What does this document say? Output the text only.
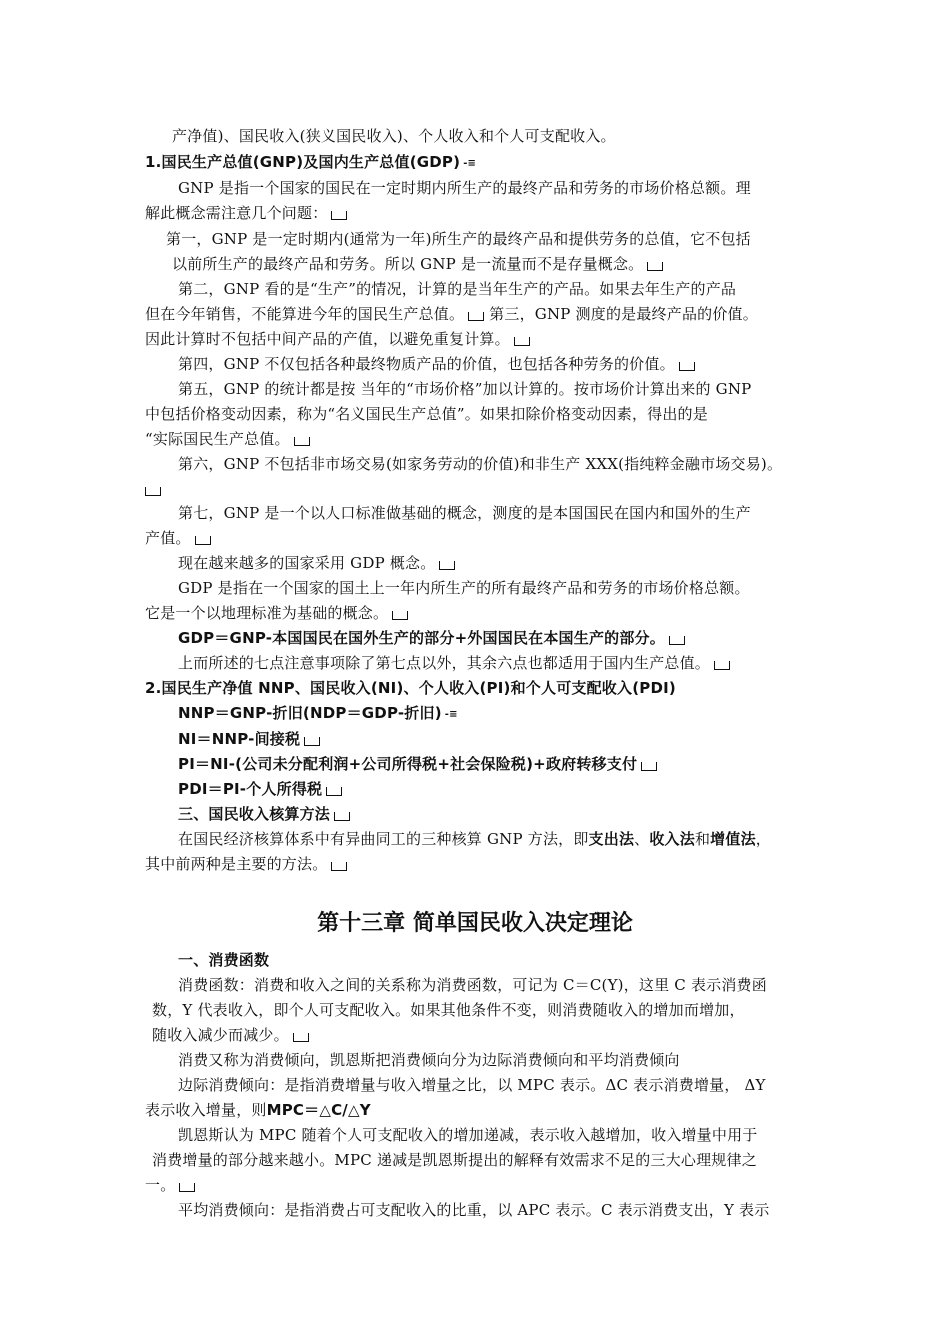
产净值)、国民收入(狭义国民收入)、个人收入和个人可支配收入。
1.国民生产总值(GNP)及国内生产总值(GDP) -≡
GNP 是指一个国家的国民在一定时期内所生产的最终产品和劳务的市场价格总额。理
解此概念需注意几个问题：
第一，GNP 是一定时期内(通常为一年)所生产的最终产品和提供劳务的总值，它不包括
以前所生产的最终产品和劳务。所以 GNP 是一流量而不是存量概念。
第二，GNP 看的是“生产”的情况，计算的是当年生产的产品。如果去年生产的产品
但在今年销售，不能算进今年的国民生产总值。 第三，GNP 测度的是最终产品的价值。
因此计算时不包括中间产品的产值，以避免重复计算。
第四，GNP 不仅包括各种最终物质产品的价值，也包括各种劳务的价值。
第五，GNP 的统计都是按 当年的“市场价格”加以计算的。按市场价计算出来的 GNP
中包括价格变动因素，称为“名义国民生产总值”。如果扣除价格变动因素，得出的是
“实际国民生产总值。
第六，GNP 不包括非市场交易(如家务劳动的价值)和非生产 XXX(指纯粹金融市场交易)。
第七，GNP 是一个以人口标准做基础的概念，测度的是本国国民在国内和国外的生产
产值。
现在越来越多的国家采用 GDP 概念。
GDP 是指在一个国家的国土上一年内所生产的所有最终产品和劳务的市场价格总额。
它是一个以地理标准为基础的概念。
GDP＝GNP-本国国民在国外生产的部分+外国国民在本国生产的部分。
上而所述的七点注意事项除了第七点以外，其余六点也都适用于国内生产总值。
2.国民生产净值 NNP、国民收入(NI)、个人收入(PI)和个人可支配收入(PDI)
NNP＝GNP-折旧(NDP＝GDP-折旧) -≡
NI＝NNP-间接税
PI＝NI-(公司未分配利润+公司所得税+社会保险税)+政府转移支付
PDI＝PI-个人所得税
三、国民收入核算方法
在国民经济核算体系中有异曲同工的三种核算 GNP 方法，即支出法、收入法和增值法，
其中前两种是主要的方法。
第十三章 简单国民收入决定理论
一、消费函数
消费函数：消费和收入之间的关系称为消费函数，可记为 C＝C(Y)，这里 C 表示消费函
数，Y 代表收入，即个人可支配收入。如果其他条件不变，则消费随收入的增加而增加，
随收入减少而减少。
消费又称为消费倾向，凯恩斯把消费倾向分为边际消费倾向和平均消费倾向
边际消费倾向：是指消费增量与收入增量之比，以 MPC 表示。ΔC 表示消费增量， ΔY
表示收入增量，则MPC＝△C/△Y
凯恩斯认为 MPC 随着个人可支配收入的增加递减，表示收入越增加，收入增量中用于
消费增量的部分越来越小。MPC 递减是凯恩斯提出的解释有效需求不足的三大心理规律之
一。
平均消费倾向：是指消费占可支配收入的比重，以 APC 表示。C 表示消费支出，Y 表示
